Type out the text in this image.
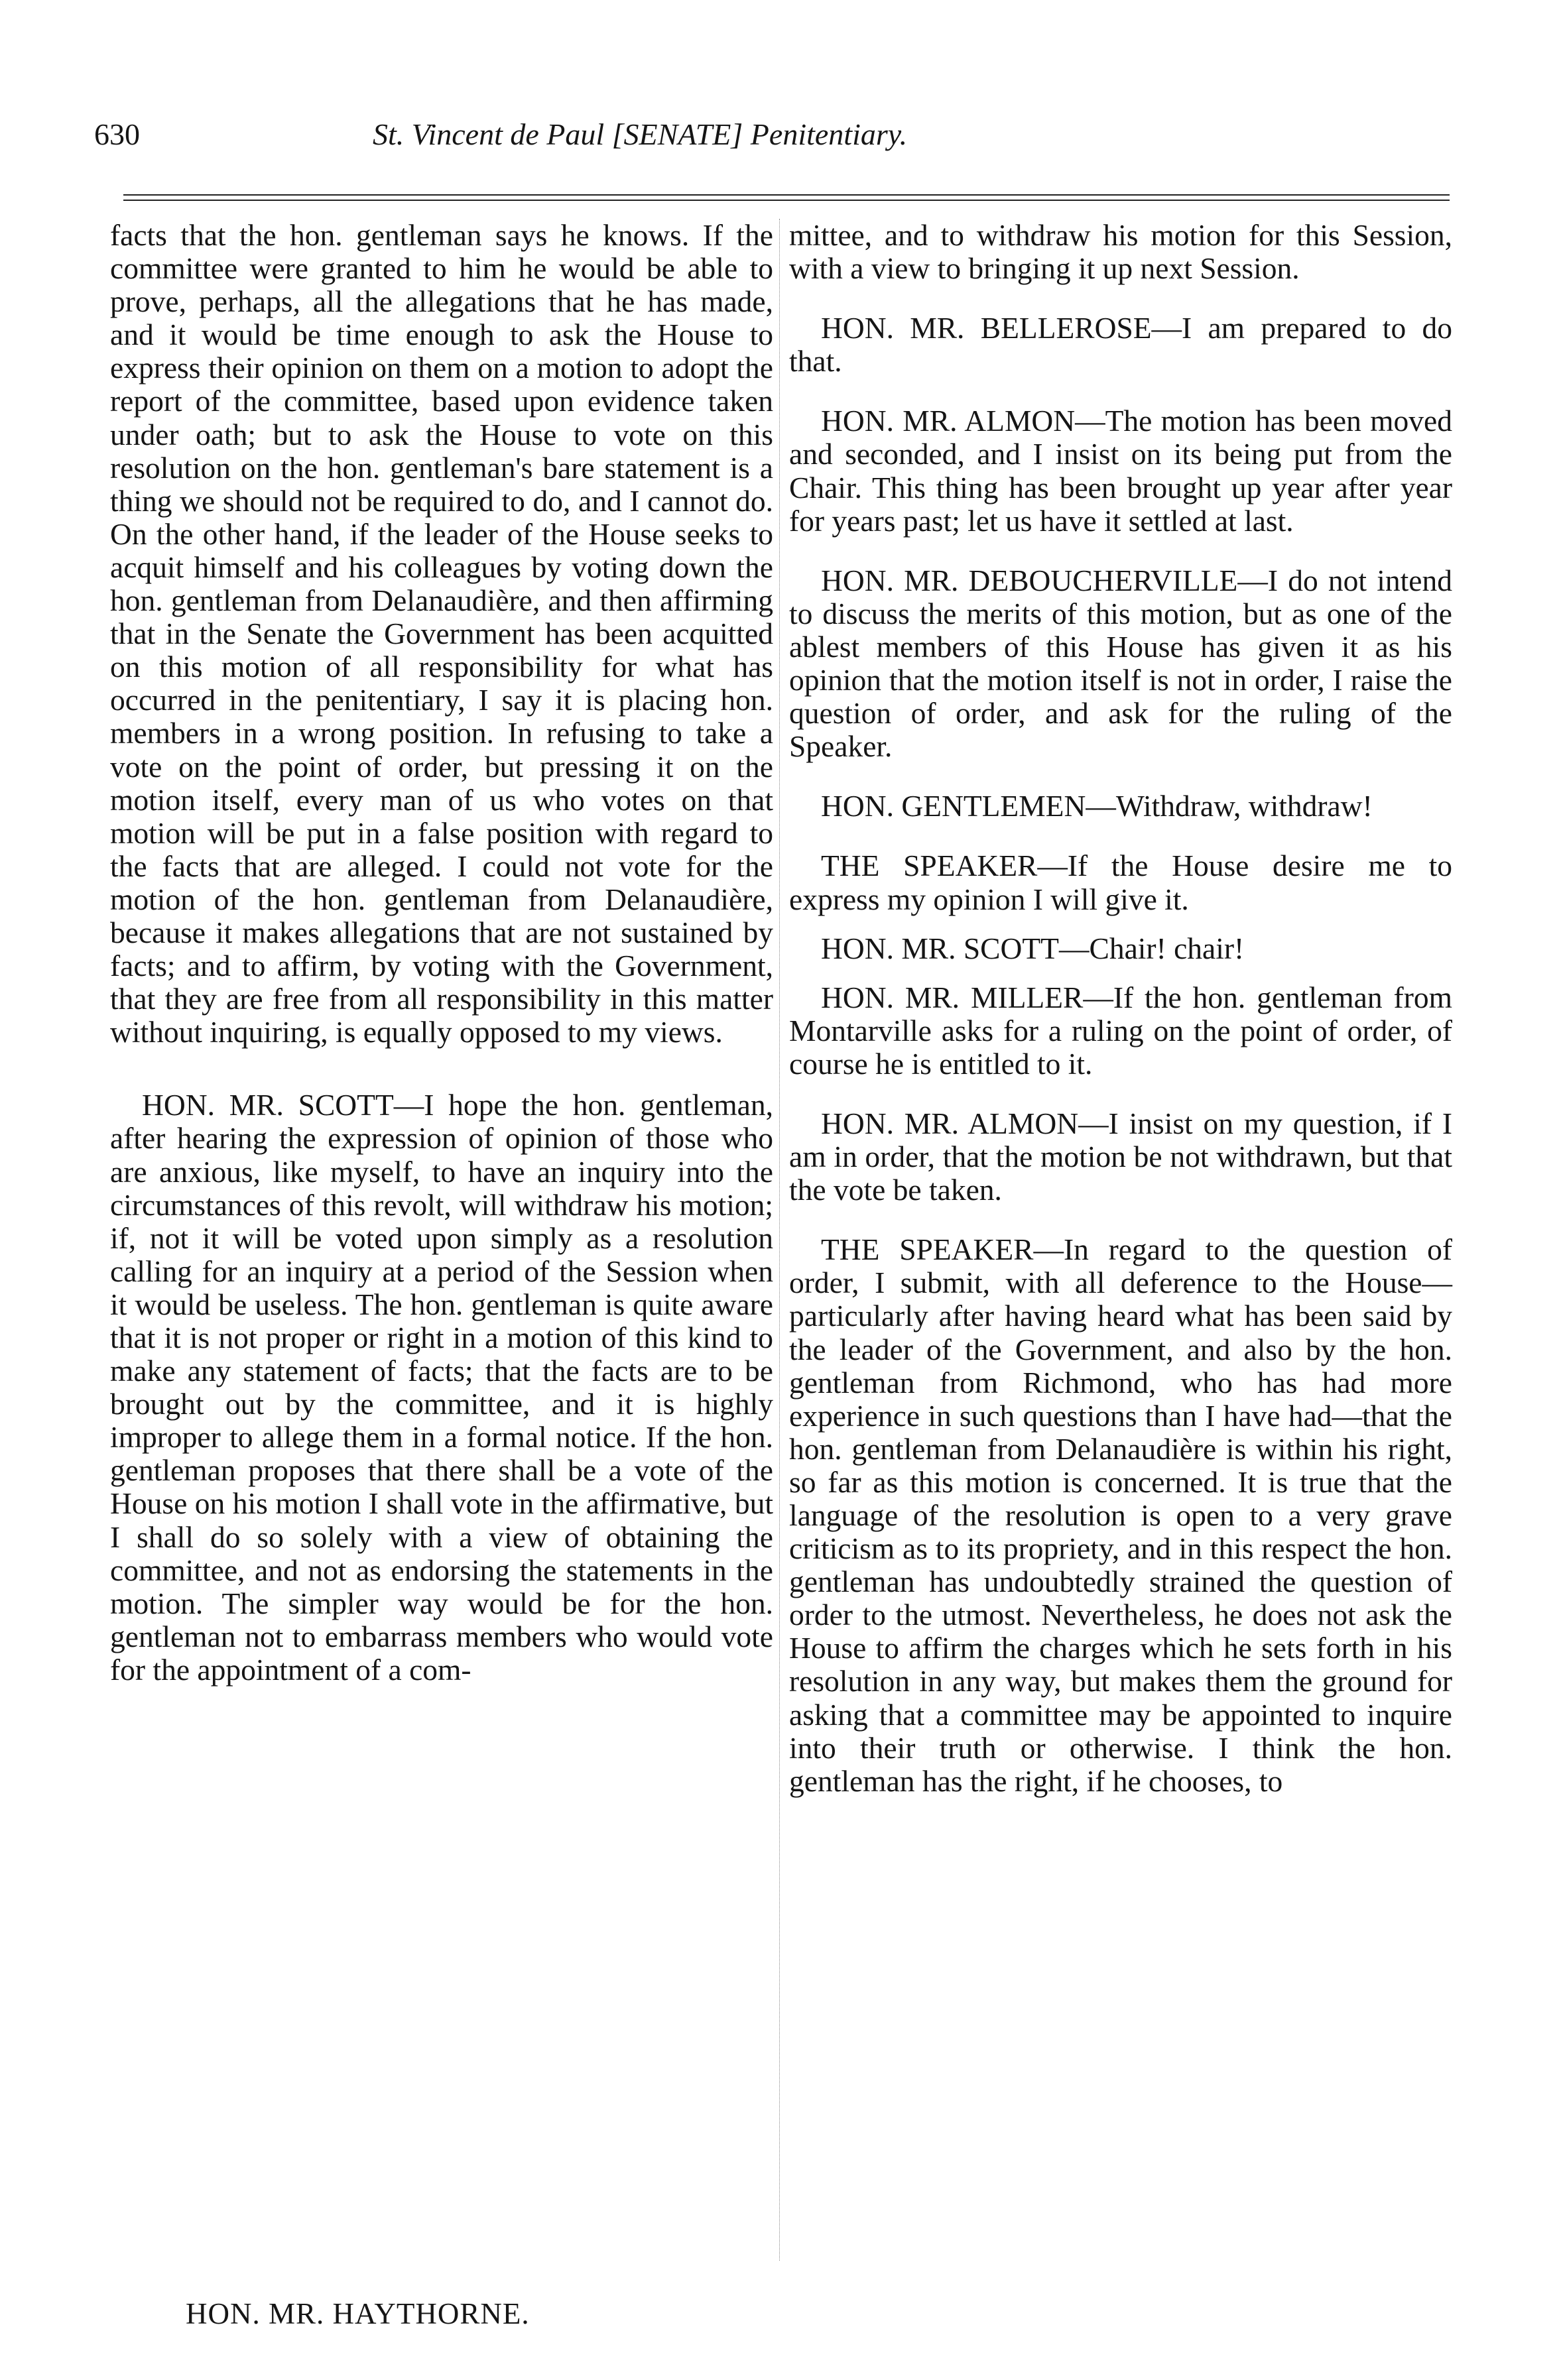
630	St. Vincent de Paul [SENATE] Penitentiary.

facts that the hon. gentleman says he knows. If the committee were granted to him he would be able to prove, perhaps, all the allegations that he has made, and it would be time enough to ask the House to express their opinion on them on a motion to adopt the report of the committee, based upon evidence taken under oath; but to ask the House to vote on this resolution on the hon. gentleman's bare statement is a thing we should not be required to do, and I cannot do. On the other hand, if the leader of the House seeks to acquit himself and his colleagues by voting down the hon. gentleman from Delanaudière, and then affirming that in the Senate the Government has been acquitted on this motion of all responsibility for what has occurred in the penitentiary, I say it is placing hon. members in a wrong position. In refusing to take a vote on the point of order, but pressing it on the motion itself, every man of us who votes on that motion will be put in a false position with regard to the facts that are alleged. I could not vote for the motion of the hon. gentleman from Delanaudière, because it makes allegations that are not sustained by facts; and to affirm, by voting with the Government, that they are free from all responsibility in this matter without inquiring, is equally opposed to my views.

HON. MR. SCOTT—I hope the hon. gentleman, after hearing the expression of opinion of those who are anxious, like myself, to have an inquiry into the circumstances of this revolt, will withdraw his motion; if, not it will be voted upon simply as a resolution calling for an inquiry at a period of the Session when it would be useless. The hon. gentleman is quite aware that it is not proper or right in a motion of this kind to make any statement of facts; that the facts are to be brought out by the committee, and it is highly improper to allege them in a formal notice. If the hon. gentleman proposes that there shall be a vote of the House on his motion I shall vote in the affirmative, but I shall do so solely with a view of obtaining the committee, and not as endorsing the statements in the motion. The simpler way would be for the hon. gentleman not to embarrass members who would vote for the appointment of a com-

mittee, and to withdraw his motion for this Session, with a view to bringing it up next Session.

HON. MR. BELLEROSE—I am prepared to do that.

HON. MR. ALMON—The motion has been moved and seconded, and I insist on its being put from the Chair. This thing has been brought up year after year for years past; let us have it settled at last.

HON. MR. DEBOUCHERVILLE—I do not intend to discuss the merits of this motion, but as one of the ablest members of this House has given it as his opinion that the motion itself is not in order, I raise the question of order, and ask for the ruling of the Speaker.

HON. GENTLEMEN—Withdraw, withdraw!

THE SPEAKER—If the House desire me to express my opinion I will give it.

HON. MR. SCOTT—Chair! chair!

HON. MR. MILLER—If the hon. gentleman from Montarville asks for a ruling on the point of order, of course he is entitled to it.

HON. MR. ALMON—I insist on my question, if I am in order, that the motion be not withdrawn, but that the vote be taken.

THE SPEAKER—In regard to the question of order, I submit, with all deference to the House—particularly after having heard what has been said by the leader of the Government, and also by the hon. gentleman from Richmond, who has had more experience in such questions than I have had—that the hon. gentleman from Delanaudière is within his right, so far as this motion is concerned. It is true that the language of the resolution is open to a very grave criticism as to its propriety, and in this respect the hon. gentleman has undoubtedly strained the question of order to the utmost. Nevertheless, he does not ask the House to affirm the charges which he sets forth in his resolution in any way, but makes them the ground for asking that a committee may be appointed to inquire into their truth or otherwise. I think the hon. gentleman has the right, if he chooses, to

HON. MR. HAYTHORNE.
